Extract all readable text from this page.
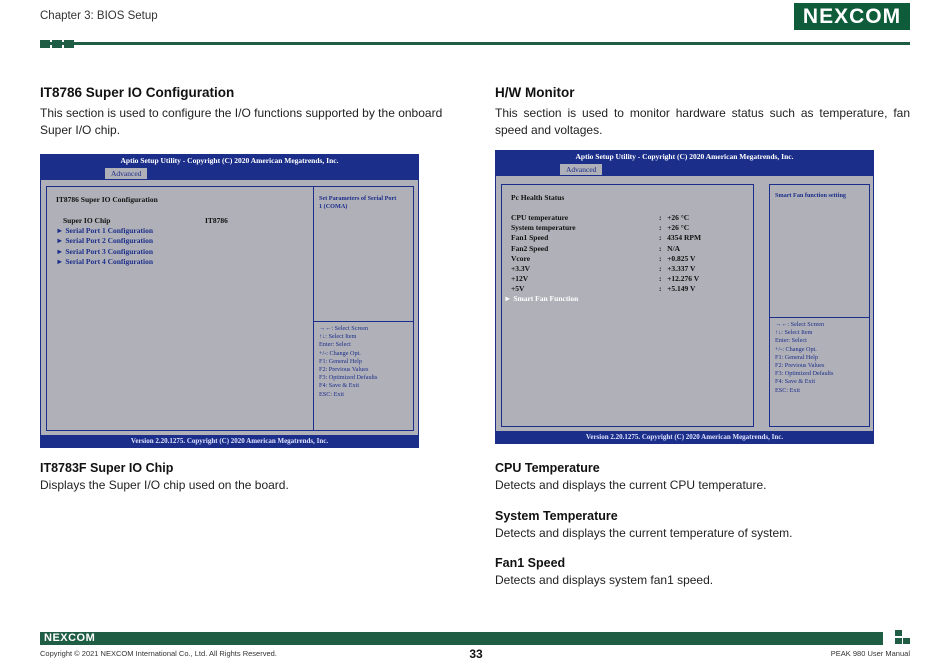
Chapter 3: BIOS Setup	NEXCOM
IT8786 Super IO Configuration
This section is used to configure the I/O functions supported by the onboard Super I/O chip.
Aptio Setup Utility - Copyright (C) 2020 American Megatrends, Inc.
Advanced
IT8786 Super IO Configuration
Super IO Chip	IT8786
► Serial Port 1 Configuration
► Serial Port 2 Configuration
► Serial Port 3 Configuration
► Serial Port 4 Configuration
Set Parameters of Serial Port
1 (COMA)
→←: Select Screen
↑↓: Select Item
Enter: Select
+/-: Change Opt.
F1: General Help
F2: Previous Values
F3: Optimized Defaults
F4: Save & Exit
ESC: Exit
Version 2.20.1275. Copyright (C) 2020 American Megatrends, Inc.
IT8783F Super IO Chip
Displays the Super I/O chip used on the board.
H/W Monitor
This section is used to monitor hardware status such as temperature, fan speed and voltages.
Aptio Setup Utility - Copyright (C) 2020 American Megatrends, Inc.
Advanced
Pc Health Status
CPU temperature	:   +26 °C
System temperature	:   +26 °C
Fan1 Speed	:   4354 RPM
Fan2 Speed	:   N/A
Vcore	:   +0.825 V
+3.3V	:   +3.337 V
+12V	:   +12.276 V
+5V	:   +5.149 V
► Smart Fan Function
Smart Fan function setting
→←: Select Screen
↑↓: Select Item
Enter: Select
+/-: Change Opt.
F1: General Help
F2: Previous Values
F3: Optimized Defaults
F4: Save & Exit
ESC: Exit
Version 2.20.1275. Copyright (C) 2020 American Megatrends, Inc.
CPU Temperature
Detects and displays the current CPU temperature.
System Temperature
Detects and displays the current temperature of system.
Fan1 Speed
Detects and displays system fan1 speed.
NEXCOM
Copyright © 2021 NEXCOM International Co., Ltd. All Rights Reserved.	33	PEAK 980 User Manual
